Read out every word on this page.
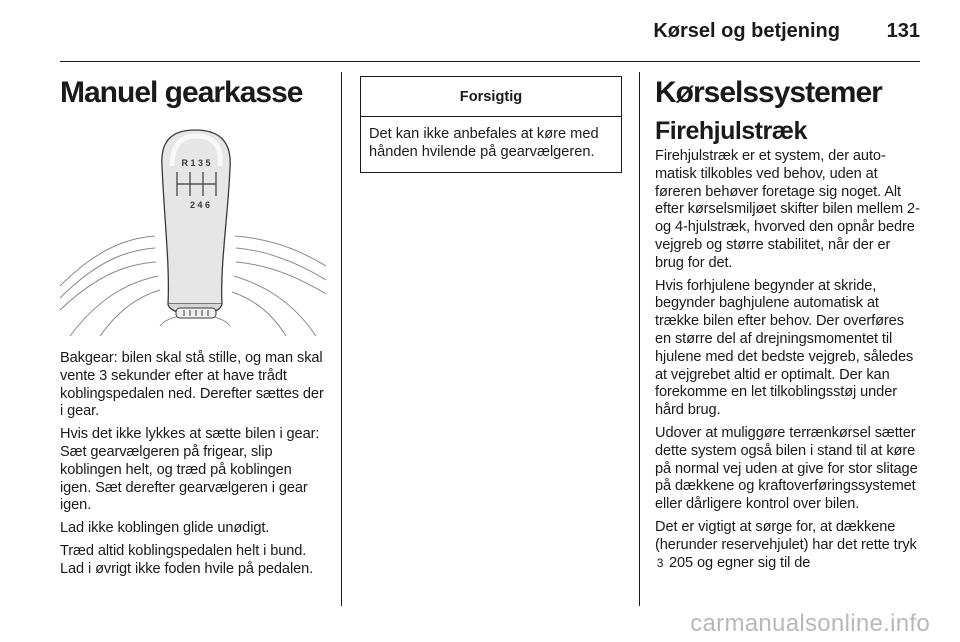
Kørsel og betjening 131
Manuel gearkasse
R 1 3 5
2 4 6

Bakgear: bilen skal stå stille, og man skal vente 3 sekunder efter at have trådt koblingspedalen ned. Derefter sættes der i gear.

Hvis det ikke lykkes at sætte bilen i gear: Sæt gearvælgeren på frigear, slip koblingen helt, og træd på koblingen igen. Sæt derefter gearvælgeren i gear igen.

Lad ikke koblingen glide unødigt.

Træd altid koblingspedalen helt i bund. Lad i øvrigt ikke foden hvile på pedalen.

Forsigtig
Det kan ikke anbefales at køre med hånden hvilende på gearvælgeren.
Kørselssystemer
Firehjulstræk

Firehjulstræk er et system, der automatisk tilkobles ved behov, uden at føreren behøver foretage sig noget. Alt efter kørselsmiljøet skifter bilen mellem 2- og 4-hjulstræk, hvorved den opnår bedre vejgreb og større stabilitet, når der er brug for det.

Hvis forhjulene begynder at skride, begynder baghjulene automatisk at trække bilen efter behov. Der overføres en større del af drejningsmomentet til hjulene med det bedste vejgreb, således at vejgrebet altid er optimalt. Der kan forekomme en let tilkoblingsstøj under hård brug.

Udover at muliggøre terrænkørsel sætter dette system også bilen i stand til at køre på normal vej uden at give for stor slitage på dækkene og kraftoverføringssystemet eller dårligere kontrol over bilen.

Det er vigtigt at sørge for, at dækkene (herunder reservehjulet) har det rette tryk 3 205 og egner sig til de

carmanualsonline.info
